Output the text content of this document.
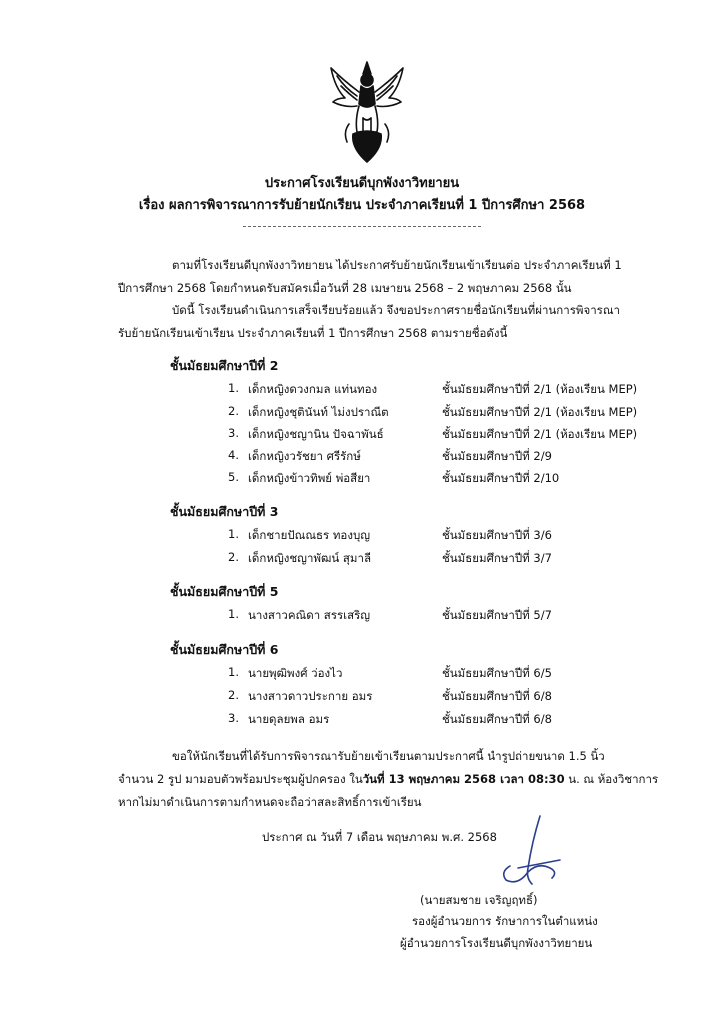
ประกาศโรงเรียนดีบุกพังงาวิทยายน
เรื่อง ผลการพิจารณาการรับย้ายนักเรียน ประจำภาคเรียนที่ 1 ปีการศึกษา 2568
ตามที่โรงเรียนดีบุกพังงาวิทยายน ได้ประกาศรับย้ายนักเรียนเข้าเรียนต่อ ประจำภาคเรียนที่ 1
ปีการศึกษา 2568 โดยกำหนดรับสมัครเมื่อวันที่ 28 เมษายน 2568 – 2 พฤษภาคม 2568 นั้น
บัดนี้ โรงเรียนดำเนินการเสร็จเรียบร้อยแล้ว จึงขอประกาศรายชื่อนักเรียนที่ผ่านการพิจารณา
รับย้ายนักเรียนเข้าเรียน ประจำภาคเรียนที่ 1 ปีการศึกษา 2568 ตามรายชื่อดังนี้
ชั้นมัธยมศึกษาปีที่ 2
1. เด็กหญิงดวงกมล แท่นทอง	ชั้นมัธยมศึกษาปีที่ 2/1 (ห้องเรียน MEP)
2. เด็กหญิงชุตินันท์ ไม่งปราณีต	ชั้นมัธยมศึกษาปีที่ 2/1 (ห้องเรียน MEP)
3. เด็กหญิงชญานิน ปัจฉาพันธ์	ชั้นมัธยมศึกษาปีที่ 2/1 (ห้องเรียน MEP)
4. เด็กหญิงวรัชยา ศรีรักษ์	ชั้นมัธยมศึกษาปีที่ 2/9
5. เด็กหญิงข้าวทิพย์ พ่อสียา	ชั้นมัธยมศึกษาปีที่ 2/10
ชั้นมัธยมศึกษาปีที่ 3
1. เด็กชายปัณณธร ทองบุญ	ชั้นมัธยมศึกษาปีที่ 3/6
2. เด็กหญิงชญาพัฒน์ สุมาลี	ชั้นมัธยมศึกษาปีที่ 3/7
ชั้นมัธยมศึกษาปีที่ 5
1. นางสาวคณิดา สรรเสริญ	ชั้นมัธยมศึกษาปีที่ 5/7
ชั้นมัธยมศึกษาปีที่ 6
1. นายพุฒิพงศ์ ว่องไว	ชั้นมัธยมศึกษาปีที่ 6/5
2. นางสาวดาวประกาย อมร	ชั้นมัธยมศึกษาปีที่ 6/8
3. นายดุลยพล อมร	ชั้นมัธยมศึกษาปีที่ 6/8
ขอให้นักเรียนที่ได้รับการพิจารณารับย้ายเข้าเรียนตามประกาศนี้ นำรูปถ่ายขนาด 1.5 นิ้ว
จำนวน 2 รูป มามอบตัวพร้อมประชุมผู้ปกครอง ในวันที่ 13 พฤษภาคม 2568 เวลา 08:30 น. ณ ห้องวิชาการ
หากไม่มาดำเนินการตามกำหนดจะถือว่าสละสิทธิ์การเข้าเรียน
ประกาศ ณ วันที่ 7 เดือน พฤษภาคม พ.ศ. 2568
(นายสมชาย เจริญฤทธิ์)
รองผู้อำนวยการ รักษาการในตำแหน่ง
ผู้อำนวยการโรงเรียนดีบุกพังงาวิทยายน
